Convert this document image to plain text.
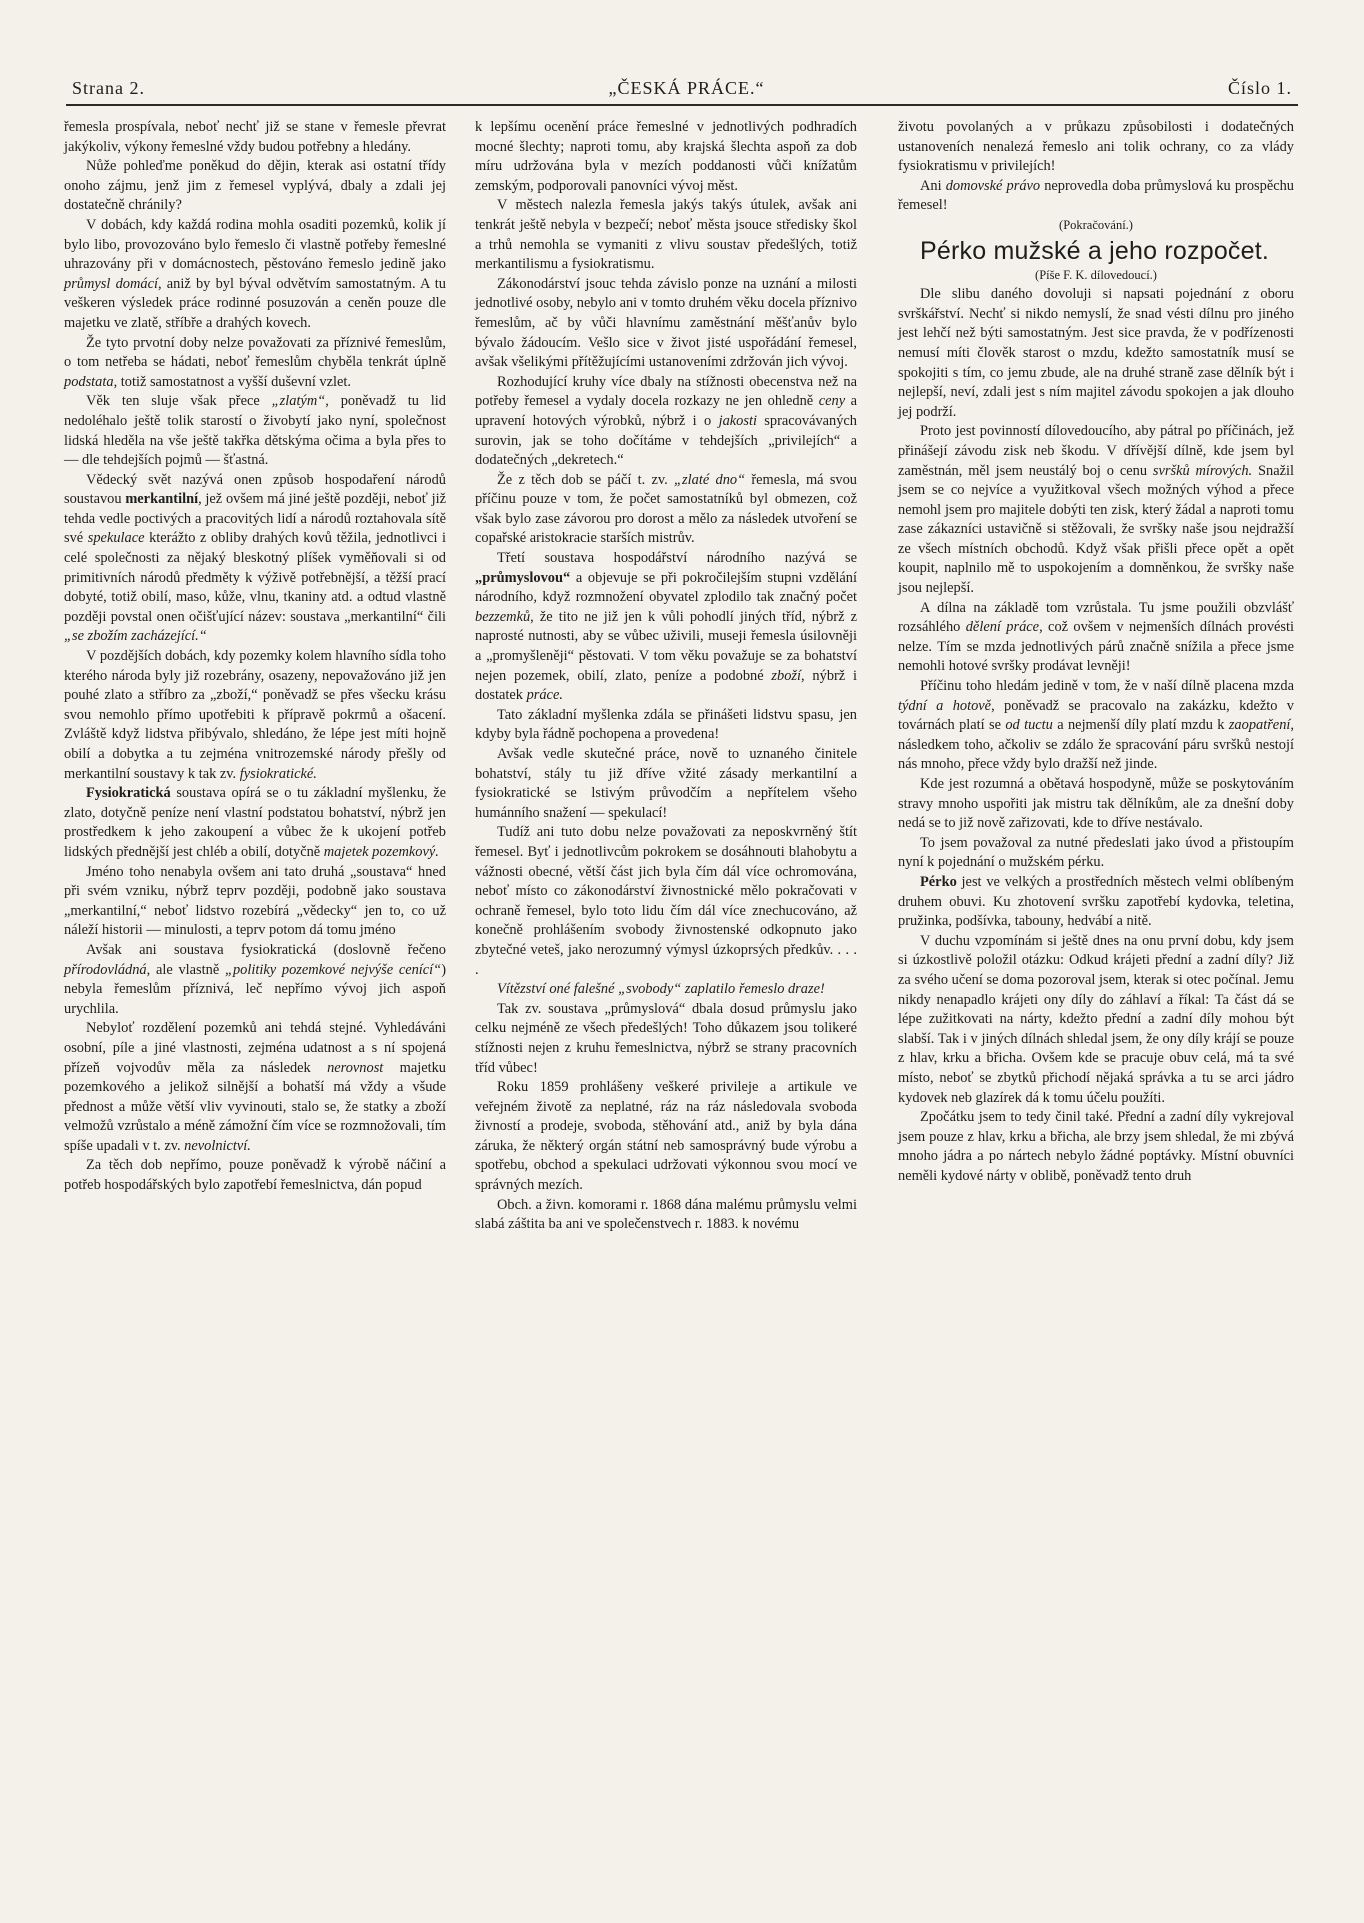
Strana 2.	„ČESKÁ PRÁCE.“	Číslo 1.

řemesla prospívala, neboť nechť již se stane v řemesle převrat jakýkoliv, výkony řemeslné vždy budou potřebny a hledány.

Nůže pohleďme poněkud do dějin, kterak asi ostatní třídy onoho zájmu, jenž jim z řemesel vyplývá, dbaly a zdali jej dostatečně chránily?

V dobách, kdy každá rodina mohla osaditi pozemků, kolik jí bylo libo, provozováno bylo řemeslo či vlastně potřeby řemeslné uhrazovány při v domácnostech, pěstováno řemeslo jedině jako průmysl domácí, aniž by byl býval odvětvím samostatným. A tu veškeren výsledek práce rodinné posuzován a ceněn pouze dle majetku ve zlatě, stříbře a drahých kovech.

Že tyto prvotní doby nelze považovati za příznivé řemeslům, o tom netřeba se hádati, neboť řemeslům chyběla tenkrát úplně podstata, totiž samostatnost a vyšší duševní vzlet.

Věk ten sluje však přece „zlatým“, poněvadž tu lid nedoléhalo ještě tolik starostí o živobytí jako nyní, společnost lidská hleděla na vše ještě takřka dětskýma očima a byla přes to — dle tehdejších pojmů — šťastná.

Vědecký svět nazývá onen způsob hospodaření národů soustavou merkantilní, jež ovšem má jiné ještě později, neboť již tehda vedle poctivých a pracovitých lidí a národů roztahovala sítě své spekulace kterážto z obliby drahých kovů těžila, jednotlivci i celé společnosti za nějaký bleskotný plíšek vyměňovali si od primitivních národů předměty k výživě potřebnější, a těžší prací dobyté, totiž obilí, maso, kůže, vlnu, tkaniny atd. a odtud vlastně později povstal onen očišťující název: soustava „merkantilní“ čili „se zbožím zacházející.“

V pozdějších dobách, kdy pozemky kolem hlavního sídla toho kterého národa byly již rozebrány, osazeny, nepovažováno již jen pouhé zlato a stříbro za „zboží,“ poněvadž se přes všecku krásu svou nemohlo přímo upotřebiti k přípravě pokrmů a ošacení. Zvláště když lidstva přibývalo, shledáno, že lépe jest míti hojně obilí a dobytka a tu zejména vnitrozemské národy přešly od merkantilní soustavy k tak zv. fysiokratické.

Fysiokratická soustava opírá se o tu základní myšlenku, že zlato, dotyčně peníze není vlastní podstatou bohatství, nýbrž jen prostředkem k jeho zakoupení a vůbec že k ukojení potřeb lidských přednější jest chléb a obilí, dotyčně majetek pozemkový.

Jméno toho nenabyla ovšem ani tato druhá „soustava“ hned při svém vzniku, nýbrž teprv později, podobně jako soustava „merkantilní,“ neboť lidstvo rozebírá „vědecky“ jen to, co už náleží historii — minulosti, a teprv potom dá tomu jméno

Avšak ani soustava fysiokratická (doslovně řečeno přírodovládná, ale vlastně „politiky pozemkové nejvýše cenící“) nebyla řemeslům příznivá, leč nepřímo vývoj jich aspoň urychlila.

Nebyloť rozdělení pozemků ani tehdá stejné. Vyhledáváni osobní, píle a jiné vlastnosti, zejména udatnost a s ní spojená přízeň vojvodův měla za následek nerovnost majetku pozemkového a jelikož silnější a bohatší má vždy a všude přednost a může větší vliv vyvinouti, stalo se, že statky a zboží velmožů vzrůstalo a méně zámožní čím více se rozmnožovali, tím spíše upadali v t. zv. nevolnictví.

Za těch dob nepřímo, pouze poněvadž k výrobě náčiní a potřeb hospodářských bylo zapotřebí řemeslnictva, dán popud

k lepšímu ocenění práce řemeslné v jednotlivých podhradích mocné šlechty; naproti tomu, aby krajská šlechta aspoň za dob míru udržována byla v mezích poddanosti vůči knížatům zemským, podporovali panovníci vývoj měst.

V městech nalezla řemesla jakýs takýs útulek, avšak ani tenkrát ještě nebyla v bezpečí; neboť města jsouce středisky škol a trhů nemohla se vymaniti z vlivu soustav předešlých, totiž merkantilismu a fysiokratismu.

Zákonodárství jsouc tehda závislo ponze na uznání a milosti jednotlivé osoby, nebylo ani v tomto druhém věku docela příznivo řemeslům, ač by vůči hlavnímu zaměstnání měšťanův bylo bývalo žádoucím. Vešlo sice v život jisté uspořádání řemesel, avšak všelikými přítěžujícími ustanoveními zdržován jich vývoj.

Rozhodující kruhy více dbaly na stížnosti obecenstva než na potřeby řemesel a vydaly docela rozkazy ne jen ohledně ceny a upravení hotových výrobků, nýbrž i o jakosti spracovávaných surovin, jak se toho dočítáme v tehdejších „privilejích“ a dodatečných „dekretech.“

Že z těch dob se páčí t. zv. „zlaté dno“ řemesla, má svou příčinu pouze v tom, že počet samostatníků byl obmezen, což však bylo zase závorou pro dorost a mělo za následek utvoření se copařské aristokracie starších mistrův.

Třetí soustava hospodářství národního nazývá se „průmyslovou“ a objevuje se při pokročilejším stupni vzdělání národního, když rozmnožení obyvatel zplodilo tak značný počet bezzemků, že tito ne již jen k vůli pohodlí jiných tříd, nýbrž z naprosté nutnosti, aby se vůbec uživili, museji řemesla úsilovněji a „promyšleněji“ pěstovati. V tom věku považuje se za bohatství nejen pozemek, obilí, zlato, peníze a podobné zboží, nýbrž i dostatek práce.

Tato základní myšlenka zdála se přinášeti lidstvu spasu, jen kdyby byla řádně pochopena a provedena!

Avšak vedle skutečné práce, nově to uznaného činitele bohatství, stály tu již dříve vžité zásady merkantilní a fysiokratické se lstivým průvodčím a nepřítelem všeho humánního snažení — spekulací!

Tudíž ani tuto dobu nelze považovati za neposkvrněný štít řemesel. Byť i jednotlivcům pokrokem se dosáhnouti blahobytu a vážnosti obecné, větší část jich byla čím dál více ochromována, neboť místo co zákonodárství živnostnické mělo pokračovati v ochraně řemesel, bylo toto lidu čím dál více znechucováno, až konečně prohlášením svobody živnostenské odkopnuto jako zbytečné veteš, jako nerozumný výmysl úzkoprsých předkův. . . . .

Vítězství oné falešné „svobody“ zaplatilo řemeslo draze!

Tak zv. soustava „průmyslová“ dbala dosud průmyslu jako celku nejméně ze všech předešlých! Toho důkazem jsou tolikeré stížnosti nejen z kruhu řemeslnictva, nýbrž se strany pracovních tříd vůbec!

Roku 1859 prohlášeny veškeré privileje a artikule ve veřejném životě za neplatné, ráz na ráz následovala svoboda živností a prodeje, svoboda, stěhování atd., aniž by byla dána záruka, že některý orgán státní neb samosprávný bude výrobu a spotřebu, obchod a spekulaci udržovati výkonnou svou mocí ve správných mezích.

Obch. a živn. komorami r. 1868 dána malému průmyslu velmi slabá záštita ba ani ve společenstvech r. 1883. k novému

životu povolaných a v průkazu způsobilosti i dodatečných ustanoveních nenalezá řemeslo ani tolik ochrany, co za vlády fysiokratismu v privilejích!

Ani domovské právo neprovedla doba průmyslová ku prospěchu řemesel!

(Pokračování.)

Pérko mužské a jeho rozpočet.

(Píše F. K. dílovedoucí.)

Dle slibu daného dovoluji si napsati pojednání z oboru svrškářství. Nechť si nikdo nemyslí, že snad vésti dílnu pro jiného jest lehčí než býti samostatným. Jest sice pravda, že v podřízenosti nemusí míti člověk starost o mzdu, kdežto samostatník musí se spokojiti s tím, co jemu zbude, ale na druhé straně zase dělník být i nejlepší, neví, zdali jest s ním majitel závodu spokojen a jak dlouho jej podrží.

Proto jest povinností dílovedoucího, aby pátral po příčinách, jež přinášejí závodu zisk neb škodu. V dřívější dílně, kde jsem byl zaměstnán, měl jsem neustálý boj o cenu svršků mírových. Snažil jsem se co nejvíce a využitkoval všech možných výhod a přece nemohl jsem pro majitele dobýti ten zisk, který žádal a naproti tomu zase zákazníci ustavičně si stěžovali, že svršky naše jsou nejdražší ze všech místních obchodů. Když však přišli přece opět a opět koupit, naplnilo mě to uspokojením a domněnkou, že svršky naše jsou nejlepší.

A dílna na základě tom vzrůstala. Tu jsme použili obzvlášť rozsáhlého dělení práce, což ovšem v nejmenších dílnách provésti nelze. Tím se mzda jednotlivých párů značně snížila a přece jsme nemohli hotové svršky prodávat levněji!

Příčinu toho hledám jedině v tom, že v naší dílně placena mzda týdní a hotově, poněvadž se pracovalo na zakázku, kdežto v továrnách platí se od tuctu a nejmenší díly platí mzdu k zaopatření, následkem toho, ačkoliv se zdálo že spracování páru svršků nestojí nás mnoho, přece vždy bylo dražší než jinde.

Kde jest rozumná a obětavá hospodyně, může se poskytováním stravy mnoho uspořiti jak mistru tak dělníkům, ale za dnešní doby nedá se to již nově zařizovati, kde to dříve nestávalo.

To jsem považoval za nutné předeslati jako úvod a přistoupím nyní k pojednání o mužském pérku.

Pérko jest ve velkých a prostředních městech velmi oblíbeným druhem obuvi. Ku zhotovení svršku zapotřebí kydovka, teletina, pružinka, podšívka, tabouny, hedvábí a nitě.

V duchu vzpomínám si ještě dnes na onu první dobu, kdy jsem si úzkostlivě položil otázku: Odkud krájeti přední a zadní díly? Již za svého učení se doma pozoroval jsem, kterak si otec počínal. Jemu nikdy nenapadlo krájeti ony díly do záhlaví a říkal: Ta část dá se lépe zužitkovati na nárty, kdežto přední a zadní díly mohou být slabší. Tak i v jiných dílnách shledal jsem, že ony díly krájí se pouze z hlav, krku a břicha. Ovšem kde se pracuje obuv celá, má ta své místo, neboť se zbytků přichodí nějaká správka a tu se arci jádro kydovek neb glazírek dá k tomu účelu použíti.

Zpočátku jsem to tedy činil také. Přední a zadní díly vykrejoval jsem pouze z hlav, krku a břicha, ale brzy jsem shledal, že mi zbývá mnoho jádra a po nártech nebylo žádné poptávky. Místní obuvníci neměli kydové nárty v oblibě, poněvadž tento druh
